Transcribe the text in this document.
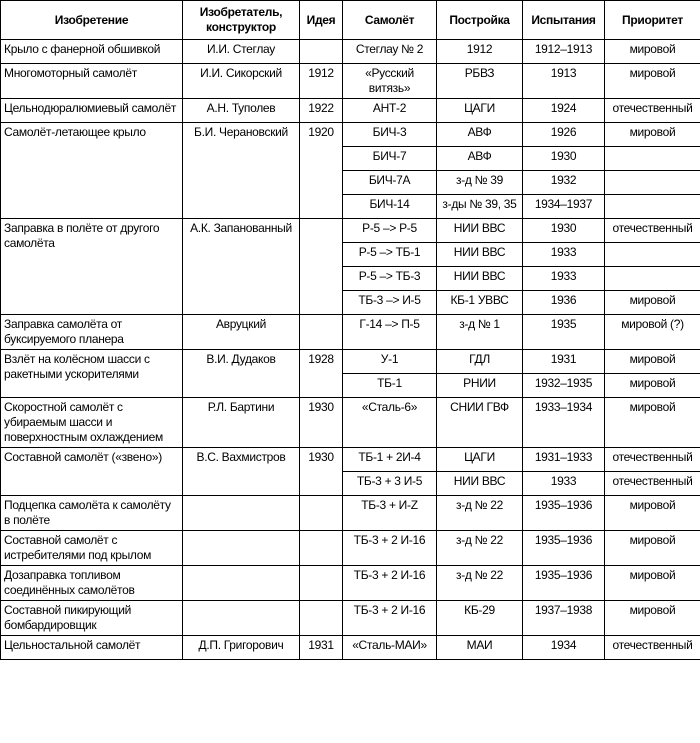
Изобретение	Изобретатель, конструктор	Идея	Самолёт	Постройка	Испытания	Приоритет
Крыло с фанерной обшивкой	И.И. Стеглау		Стеглау № 2	1912	1912–1913	мировой
Многомоторный самолёт	И.И. Сикорский	1912	«Русский витязь»	РБВЗ	1913	мировой
Цельнодюралюмиевый самолёт	А.Н. Туполев	1922	АНТ-2	ЦАГИ	1924	отечественный
Самолёт-летающее крыло	Б.И. Черановский	1920	БИЧ-3	АВФ	1926	мировой
			БИЧ-7	АВФ	1930	
			БИЧ-7А	з-д № 39	1932	
			БИЧ-14	з-ды № 39, 35	1934–1937	
Заправка в полёте от другого самолёта	А.К. Запанованный		Р-5 –> Р-5	НИИ ВВС	1930	отечественный
			Р-5 –> ТБ-1	НИИ ВВС	1933	
			Р-5 –> ТБ-3	НИИ ВВС	1933	
			ТБ-3 –> И-5	КБ-1 УВВС	1936	мировой
Заправка самолёта от буксируемого планера	Авруцкий		Г-14 –> П-5	з-д № 1	1935	мировой (?)
Взлёт на колёсном шасси с ракетными ускорителями	В.И. Дудаков	1928	У-1	ГДЛ	1931	мировой
			ТБ-1	РНИИ	1932–1935	мировой
Скоростной самолёт с убираемым шасси и поверхностным охлаждением	Р.Л. Бартини	1930	«Сталь-6»	СНИИ ГВФ	1933–1934	мировой
Составной самолёт («звено»)	В.С. Вахмистров	1930	ТБ-1 + 2И-4	ЦАГИ	1931–1933	отечественный
			ТБ-3 + 3 И-5	НИИ ВВС	1933	отечественный
Подцепка самолёта к самолёту в полёте			ТБ-3 + И-Z	з-д № 22	1935–1936	мировой
Составной самолёт с истребителями под крылом			ТБ-3 + 2 И-16	з-д № 22	1935–1936	мировой
Дозаправка топливом соединённых самолётов			ТБ-3 + 2 И-16	з-д № 22	1935–1936	мировой
Составной пикирующий бомбардировщик			ТБ-3 + 2 И-16	КБ-29	1937–1938	мировой
Цельностальной самолёт	Д.П. Григорович	1931	«Сталь-МАИ»	МАИ	1934	отечественный
